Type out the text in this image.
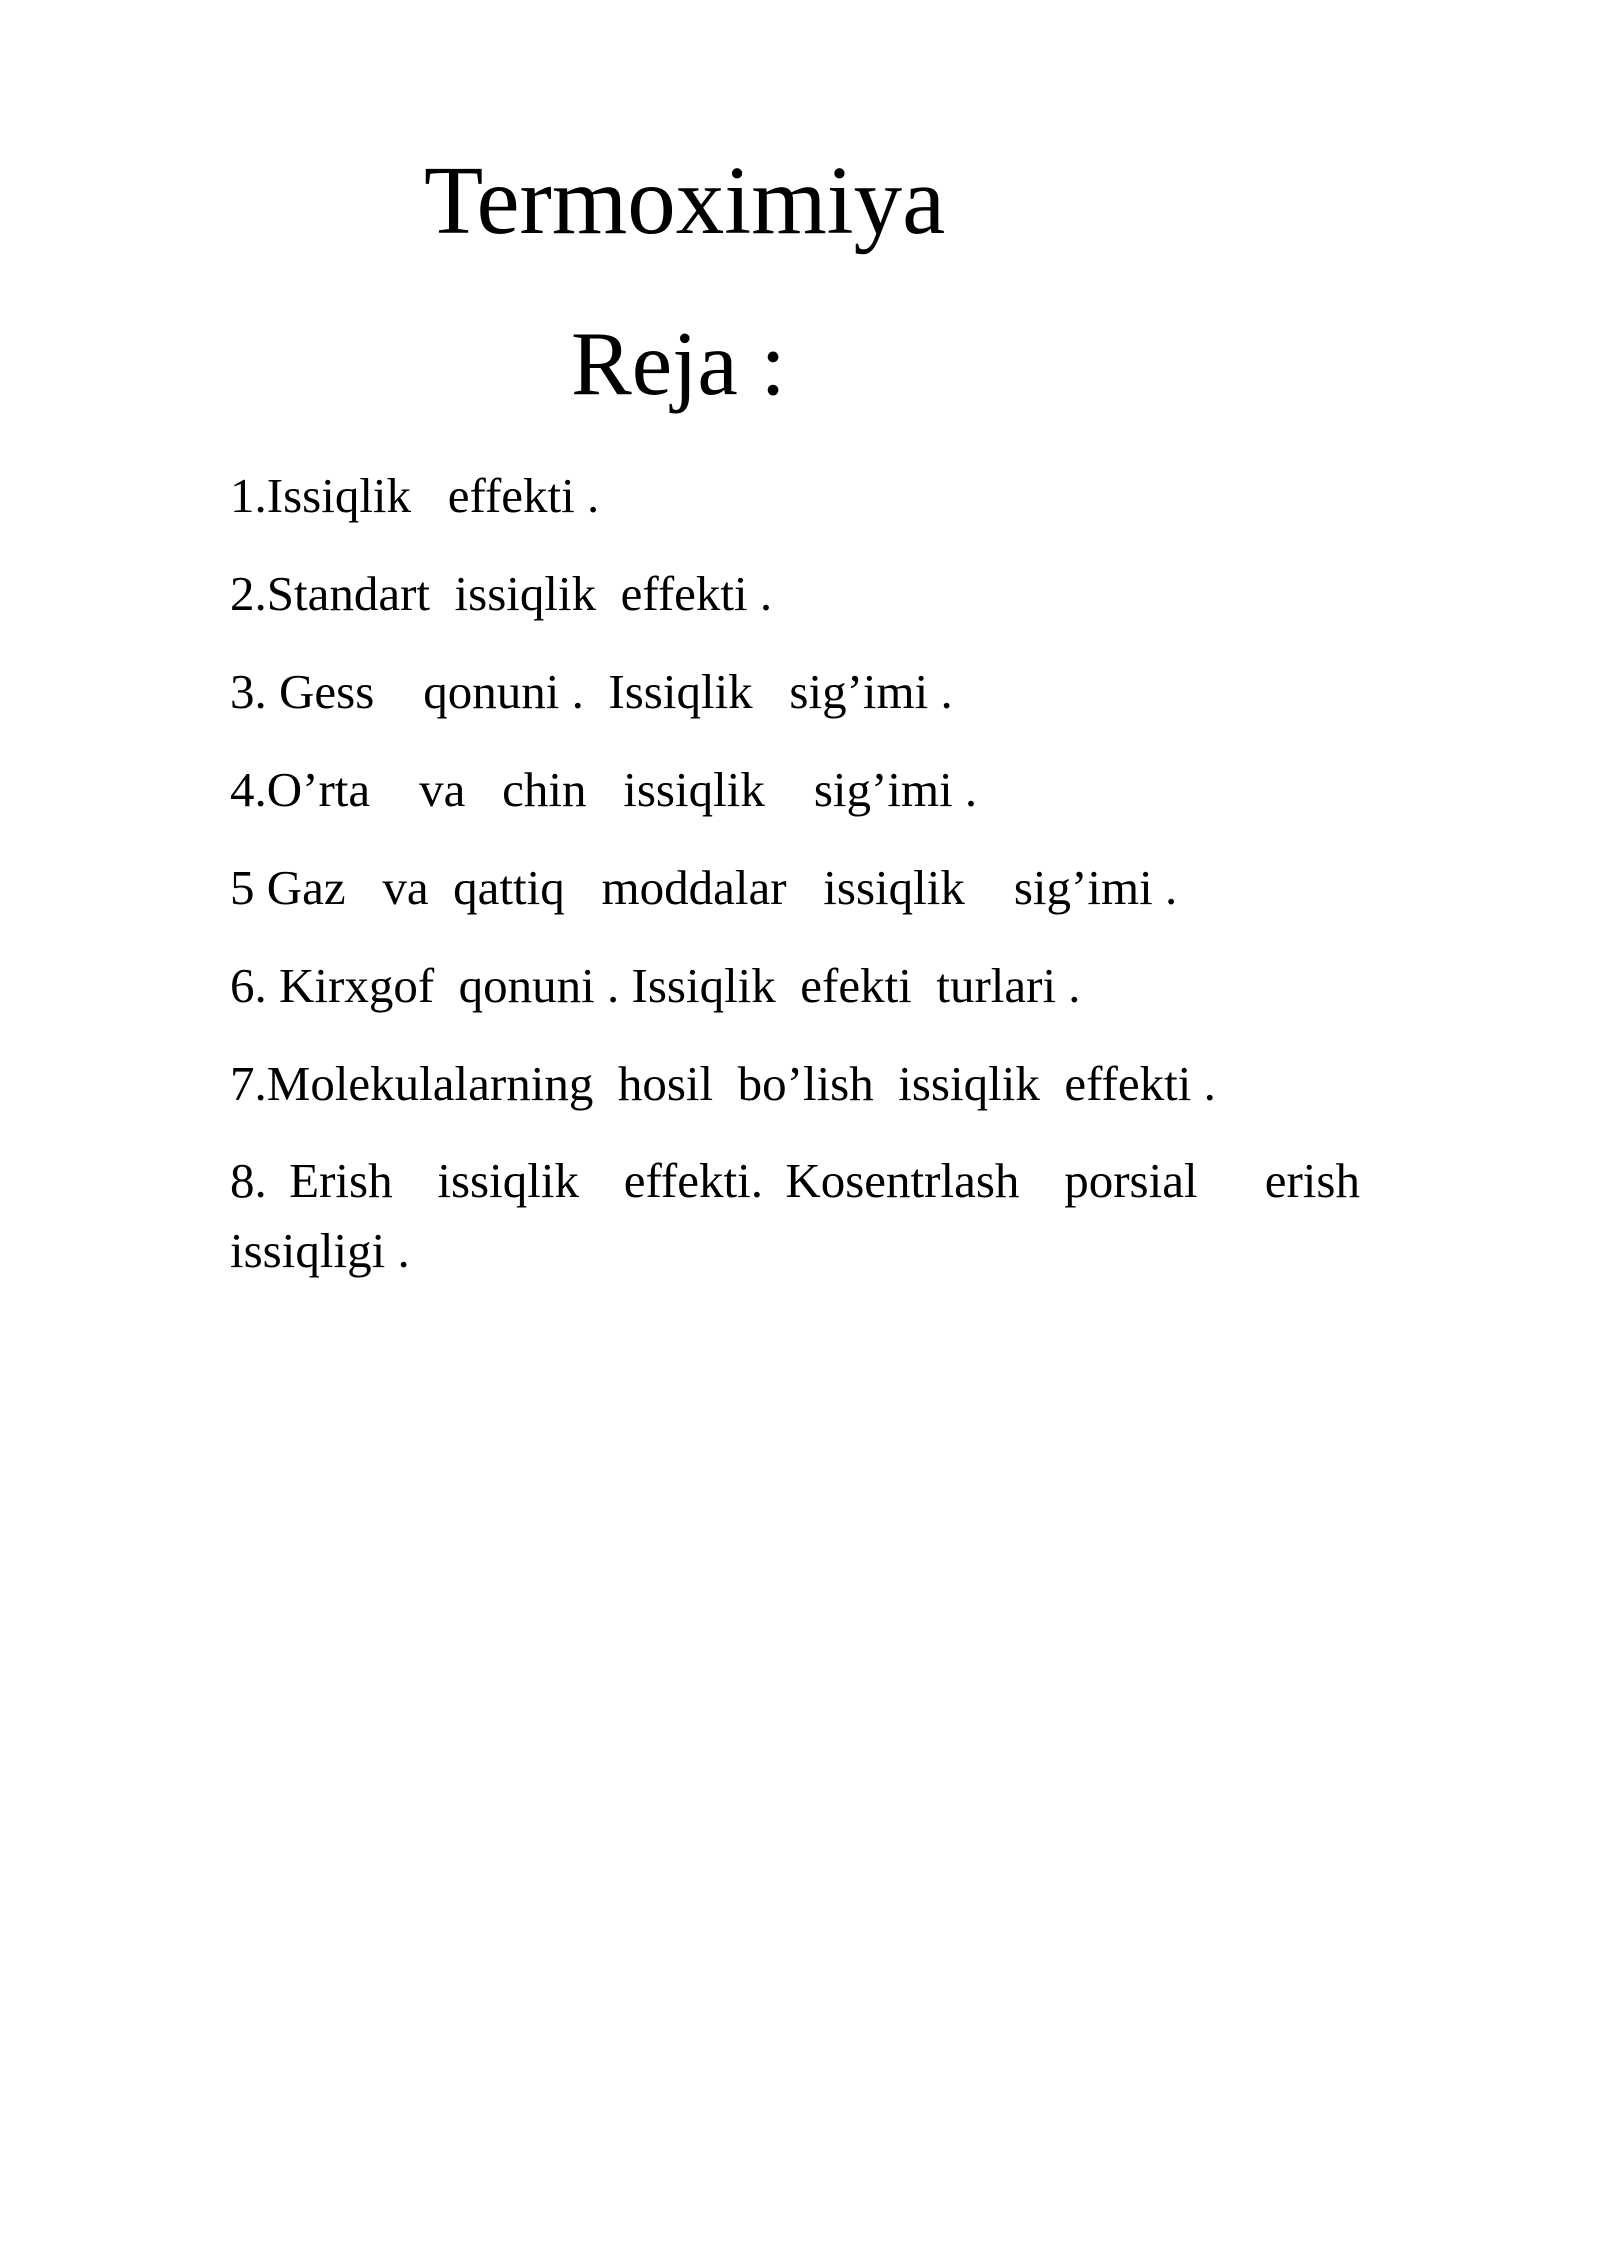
Termoximiya
Reja :
1.Issiqlik   effekti .
2.Standart  issiqlik  effekti .
3. Gess    qonuni .  Issiqlik   sig’imi .
4.O’rta    va   chin   issiqlik    sig’imi .
5 Gaz   va  qattiq   moddalar   issiqlik    sig’imi .
6. Kirxgof  qonuni . Issiqlik  efekti  turlari .
7.Molekulalarning  hosil  bo’lish  issiqlik  effekti .
8. Erish  issiqlik  effekti. Kosentrlash  porsial   erish issiqligi .
